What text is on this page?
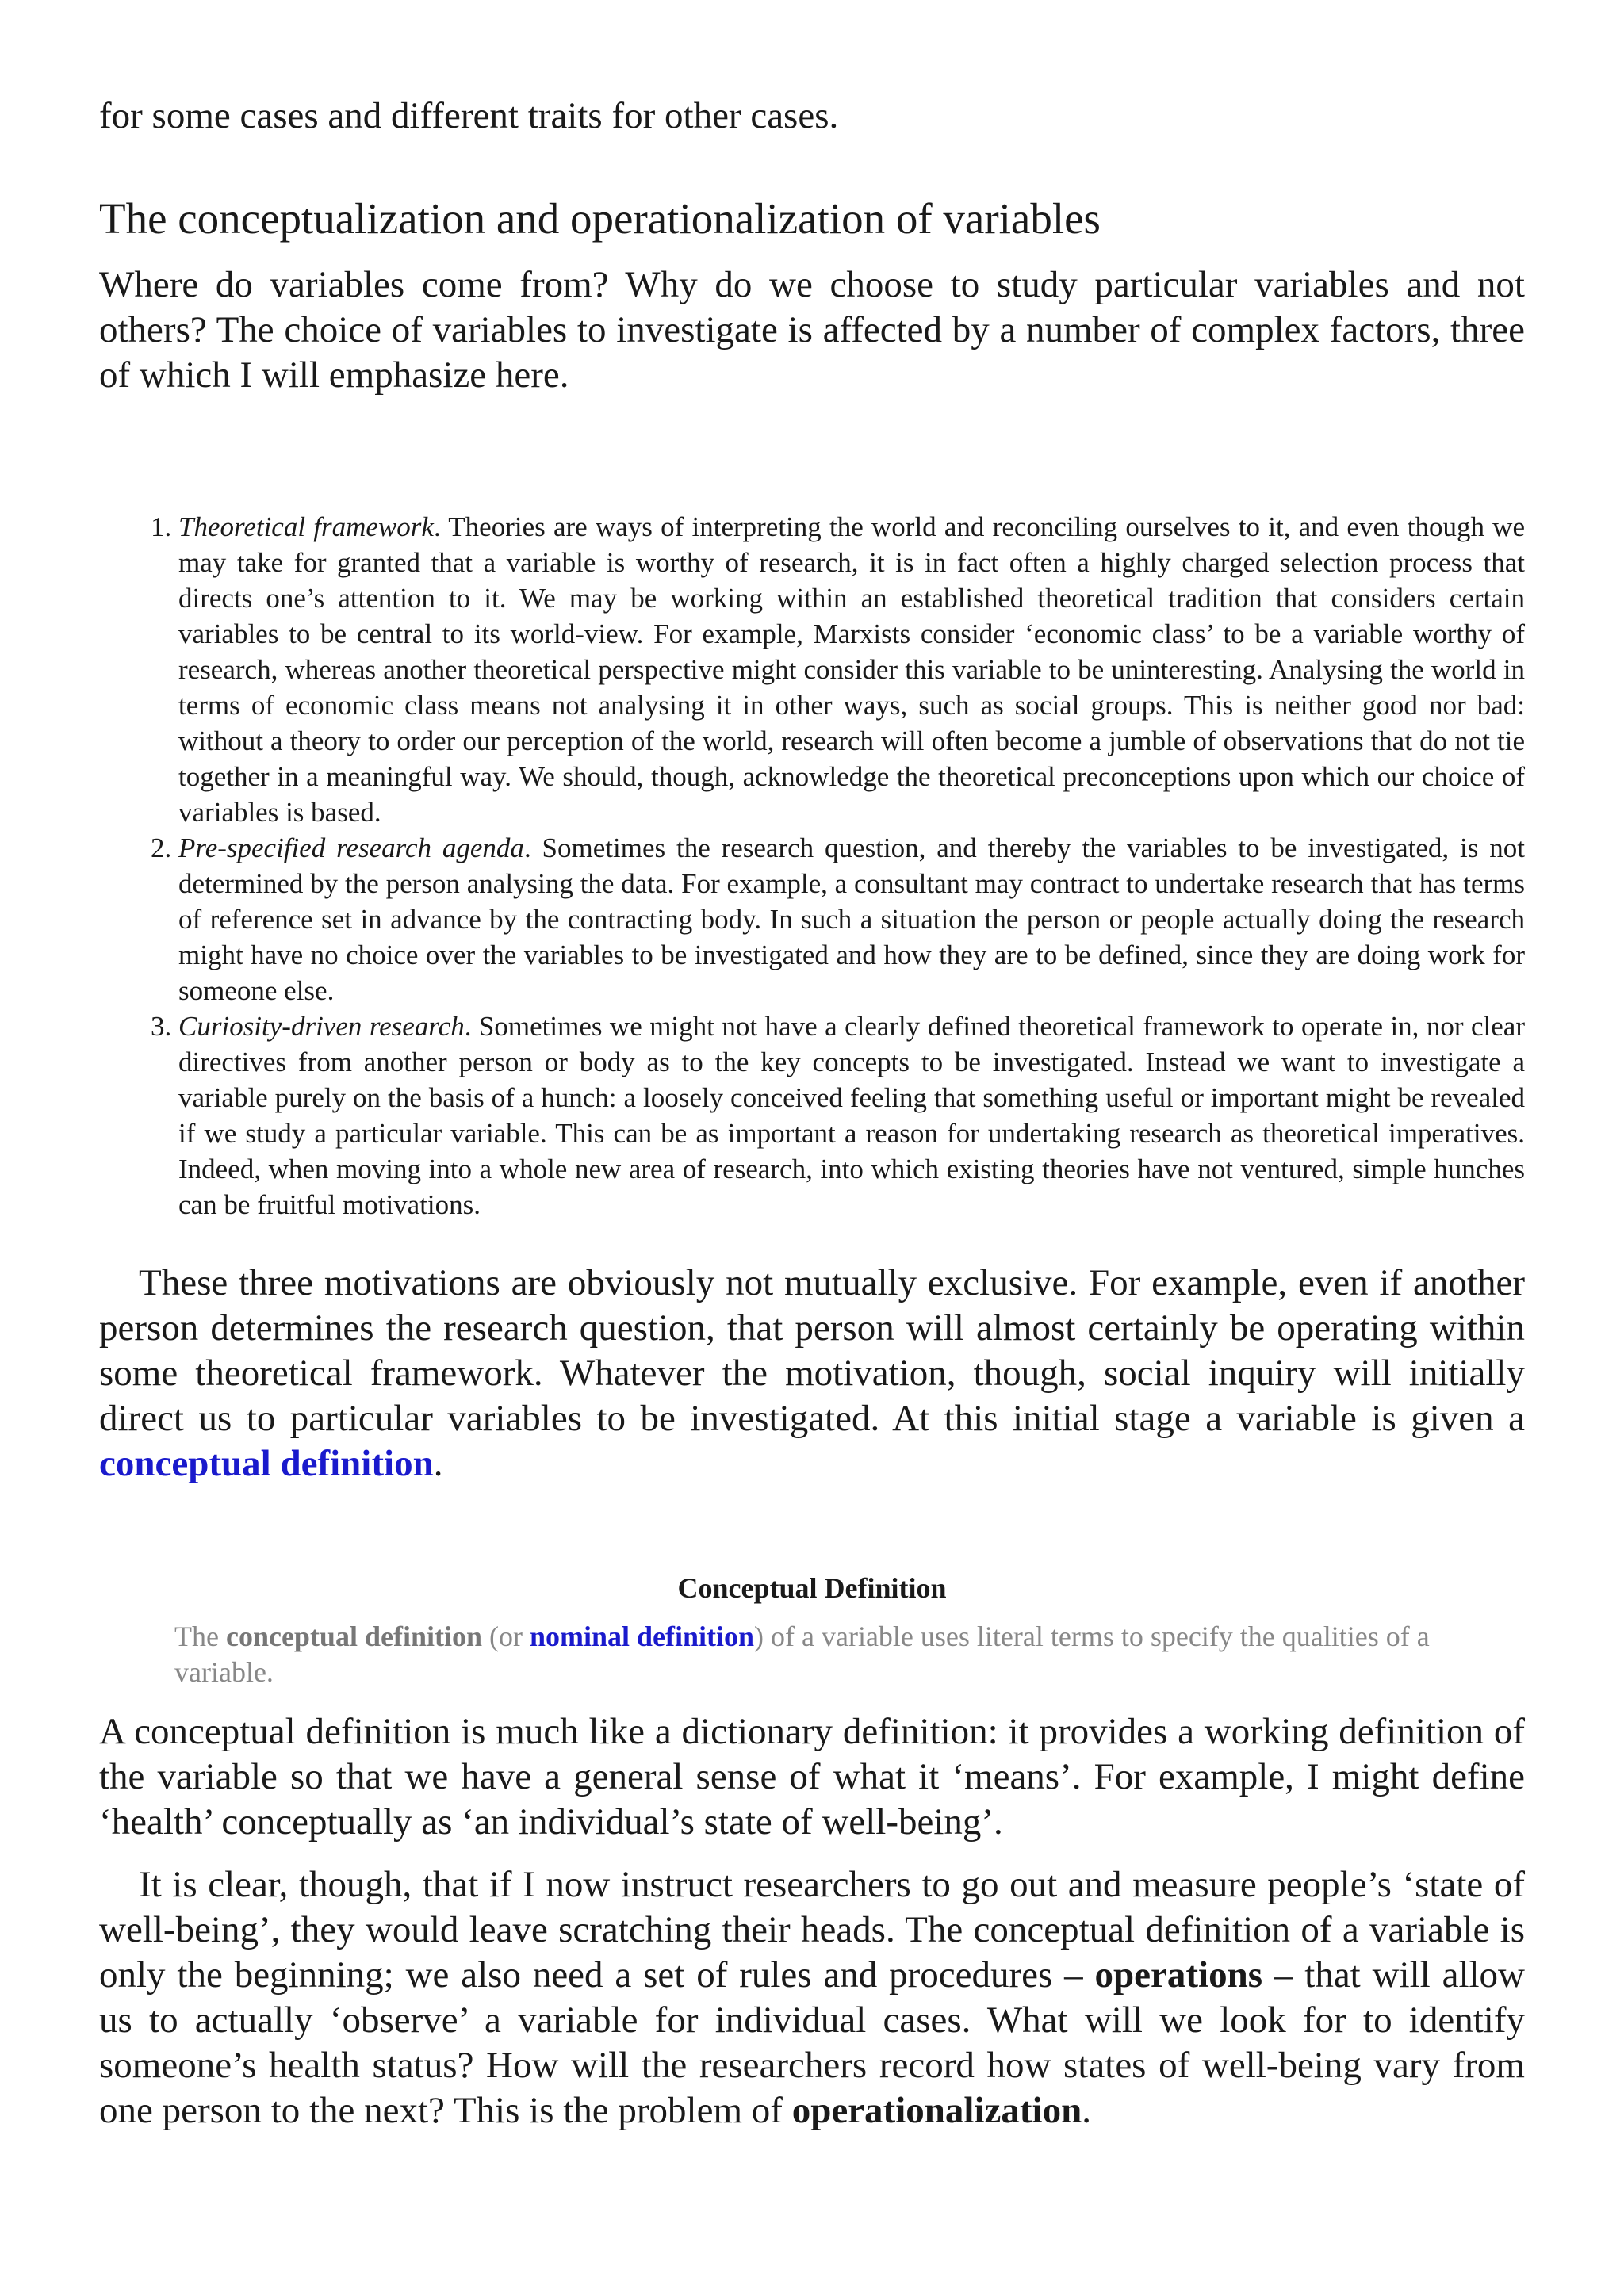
for some cases and different traits for other cases.

The conceptualization and operationalization of variables

Where do variables come from? Why do we choose to study particular variables and not others? The choice of variables to investigate is affected by a number of complex factors, three of which I will emphasize here.

1. Theoretical framework. Theories are ways of interpreting the world and reconciling ourselves to it, and even though we may take for granted that a variable is worthy of research, it is in fact often a highly charged selection process that directs one’s attention to it. We may be working within an established theoretical tradition that considers certain variables to be central to its world-view. For example, Marxists consider ‘economic class’ to be a variable worthy of research, whereas another theoretical perspective might consider this variable to be uninteresting. Analysing the world in terms of economic class means not analysing it in other ways, such as social groups. This is neither good nor bad: without a theory to order our perception of the world, research will often become a jumble of observations that do not tie together in a meaningful way. We should, though, acknowledge the theoretical preconceptions upon which our choice of variables is based.
2. Pre-specified research agenda. Sometimes the research question, and thereby the variables to be investigated, is not determined by the person analysing the data. For example, a consultant may contract to undertake research that has terms of reference set in advance by the contracting body. In such a situation the person or people actually doing the research might have no choice over the variables to be investigated and how they are to be defined, since they are doing work for someone else.
3. Curiosity-driven research. Sometimes we might not have a clearly defined theoretical framework to operate in, nor clear directives from another person or body as to the key concepts to be investigated. Instead we want to investigate a variable purely on the basis of a hunch: a loosely conceived feeling that something useful or important might be revealed if we study a particular variable. This can be as important a reason for undertaking research as theoretical imperatives. Indeed, when moving into a whole new area of research, into which existing theories have not ventured, simple hunches can be fruitful motivations.

These three motivations are obviously not mutually exclusive. For example, even if another person determines the research question, that person will almost certainly be operating within some theoretical framework. Whatever the motivation, though, social inquiry will initially direct us to particular variables to be investigated. At this initial stage a variable is given a conceptual definition.

Conceptual Definition

The conceptual definition (or nominal definition) of a variable uses literal terms to specify the qualities of a variable.

A conceptual definition is much like a dictionary definition: it provides a working definition of the variable so that we have a general sense of what it ‘means’. For example, I might define ‘health’ conceptually as ‘an individual’s state of well-being’.

It is clear, though, that if I now instruct researchers to go out and measure people’s ‘state of well-being’, they would leave scratching their heads. The conceptual definition of a variable is only the beginning; we also need a set of rules and procedures – operations – that will allow us to actually ‘observe’ a variable for individual cases. What will we look for to identify someone’s health status? How will the researchers record how states of well-being vary from one person to the next? This is the problem of operationalization.
